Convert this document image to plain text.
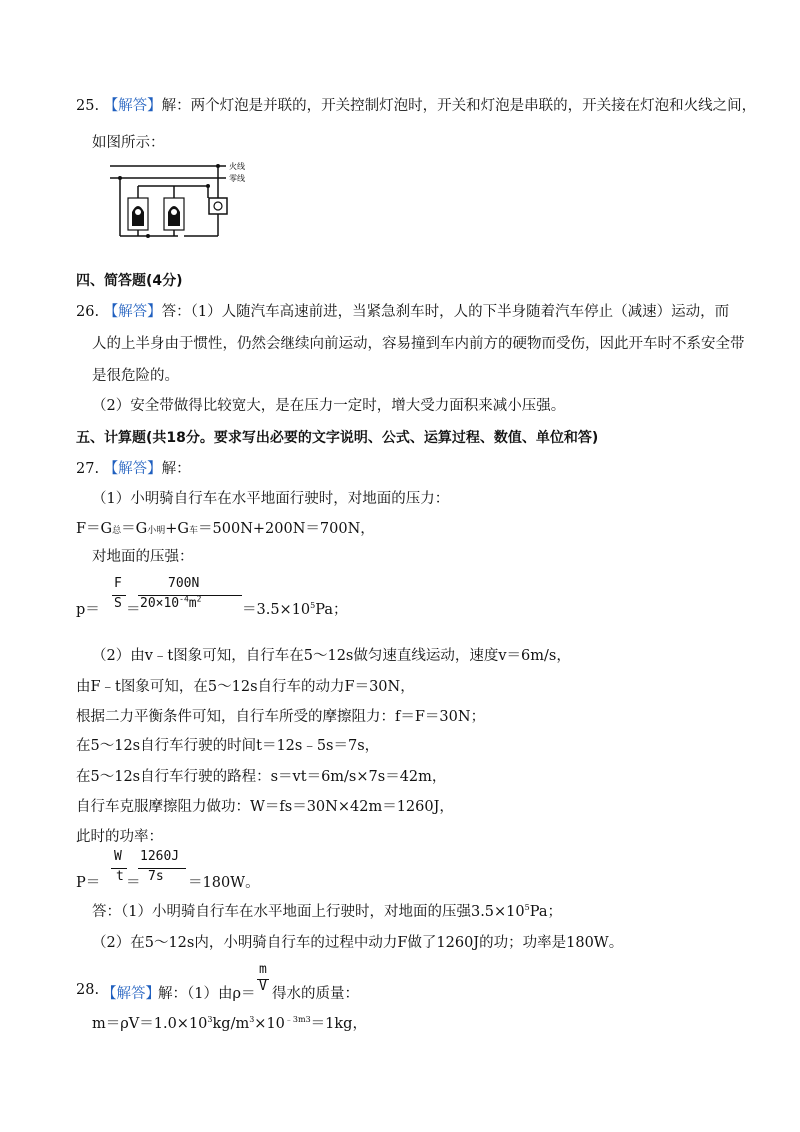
25. 【解答】解：两个灯泡是并联的，开关控制灯泡时，开关和灯泡是串联的，开关接在灯泡和火线之间，
如图所示：
火线
零线
四、简答题(4分)
26. 【解答】答：（1）人随汽车高速前进，当紧急刹车时，人的下半身随着汽车停止（减速）运动，而
人的上半身由于惯性，仍然会继续向前运动，容易撞到车内前方的硬物而受伤，因此开车时不系安全带
是很危险的。
（2）安全带做得比较宽大，是在压力一定时，增大受力面积来减小压强。
五、计算题(共18分。要求写出必要的文字说明、公式、运算过程、数值、单位和答)
27. 【解答】解：
（1）小明骑自行车在水平地面行驶时，对地面的压力：
F＝G总＝G小明+G车＝500N+200N＝700N，
对地面的压强：
p＝
F
S ＝
700N
$20\times 10^{-4}m^2$
$=3.5\times 10^5Pa$；
（2）由v﹣t图象可知，自行车在5～12s做匀速直线运动，速度v＝6m/s，
由F﹣t图象可知，在5～12s自行车的动力F＝30N，
根据二力平衡条件可知，自行车所受的摩擦阻力：f＝F＝30N；
在5～12s自行车行驶的时间t＝12s﹣5s＝7s，
在5～12s自行车行驶的路程：s＝vt＝6m/s×7s＝42m，
自行车克服摩擦阻力做功：W＝fs＝30N×42m＝1260J，
此时的功率：
P＝
W
t ＝
1260J
7s ＝180W。
答：（1）小明骑自行车在水平地面上行驶时，对地面的压强$3.5\times 10^5Pa$；
（2）在5～12s内，小明骑自行车的过程中动力F做了1260J的功；功率是180W。
28. 【解答】
解：（1）由ρ＝
m
V 得水的质量：
$m=\rho V=1.0\times 10^3kg/m^3\times 10^{﹣3m3}=1kg$，
